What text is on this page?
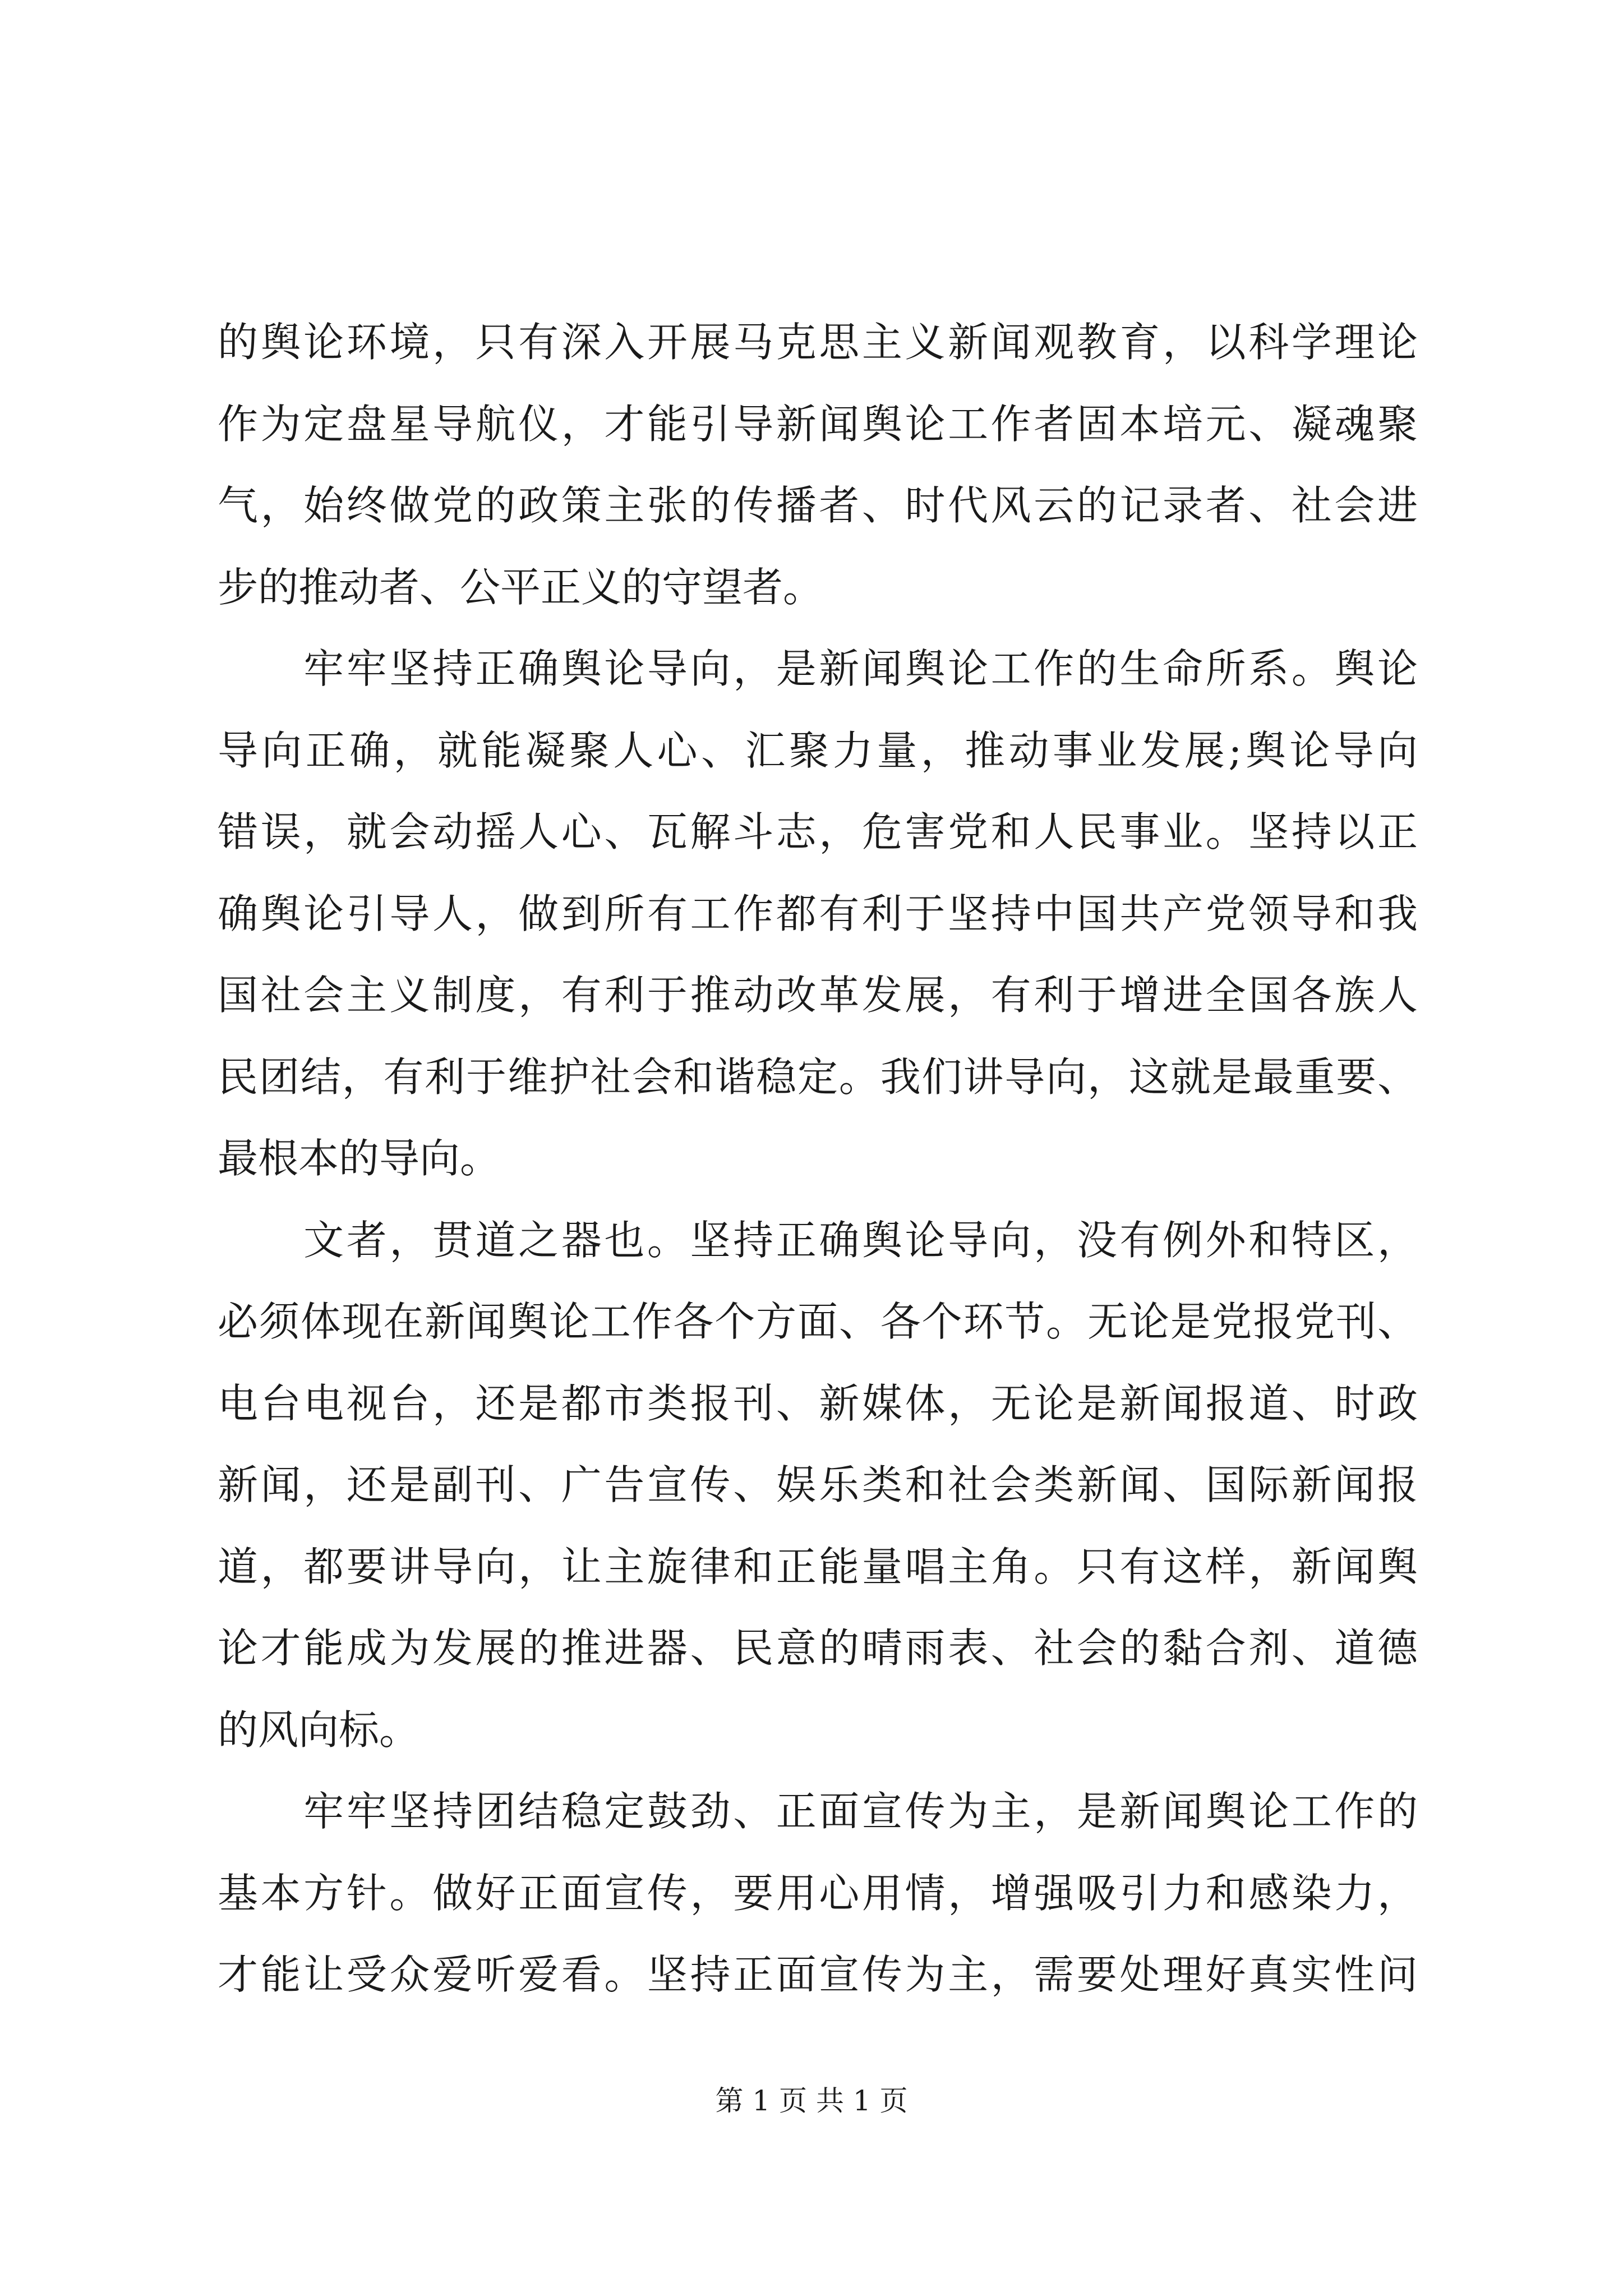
的舆论环境，只有深入开展马克思主义新闻观教育，以科学理论
作为定盘星导航仪，才能引导新闻舆论工作者固本培元、凝魂聚
气，始终做党的政策主张的传播者、时代风云的记录者、社会进
步的推动者、公平正义的守望者。
　　牢牢坚持正确舆论导向，是新闻舆论工作的生命所系。舆论
导向正确，就能凝聚人心、汇聚力量，推动事业发展;舆论导向
错误，就会动摇人心、瓦解斗志，危害党和人民事业。坚持以正
确舆论引导人，做到所有工作都有利于坚持中国共产党领导和我
国社会主义制度，有利于推动改革发展，有利于增进全国各族人
民团结，有利于维护社会和谐稳定。我们讲导向，这就是最重要、
最根本的导向。
　　文者，贯道之器也。坚持正确舆论导向，没有例外和特区，
必须体现在新闻舆论工作各个方面、各个环节。无论是党报党刊、
电台电视台，还是都市类报刊、新媒体，无论是新闻报道、时政
新闻，还是副刊、广告宣传、娱乐类和社会类新闻、国际新闻报
道，都要讲导向，让主旋律和正能量唱主角。只有这样，新闻舆
论才能成为发展的推进器、民意的晴雨表、社会的黏合剂、道德
的风向标。
　　牢牢坚持团结稳定鼓劲、正面宣传为主，是新闻舆论工作的
基本方针。做好正面宣传，要用心用情，增强吸引力和感染力，
才能让受众爱听爱看。坚持正面宣传为主，需要处理好真实性问
第 1 页 共 1 页
